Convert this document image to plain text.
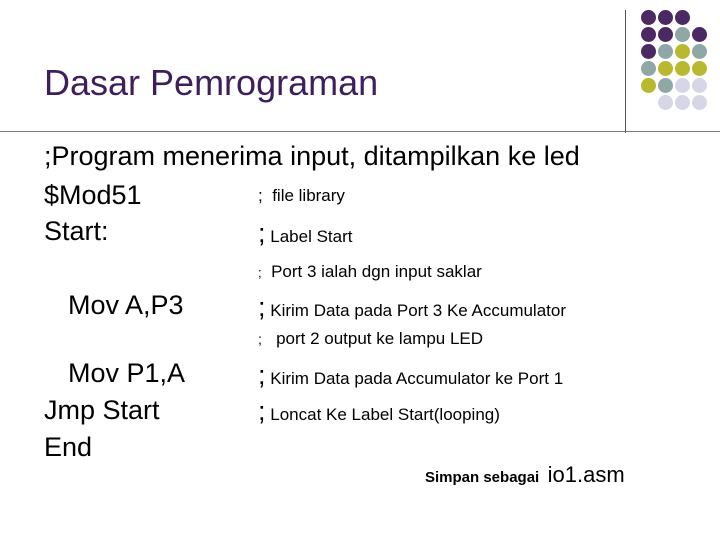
Dasar Pemrograman
;Program menerima input, ditampilkan ke led
$Mod51
Start:
Mov A,P3
Mov P1,A
Jmp Start
End
; file library
; Label Start
; Port 3 ialah dgn input saklar
; Kirim Data pada Port 3 Ke Accumulator
; port 2 output ke lampu LED
; Kirim Data pada Accumulator ke Port 1
; Loncat Ke Label Start(looping)
Simpan sebagai io1.asm
